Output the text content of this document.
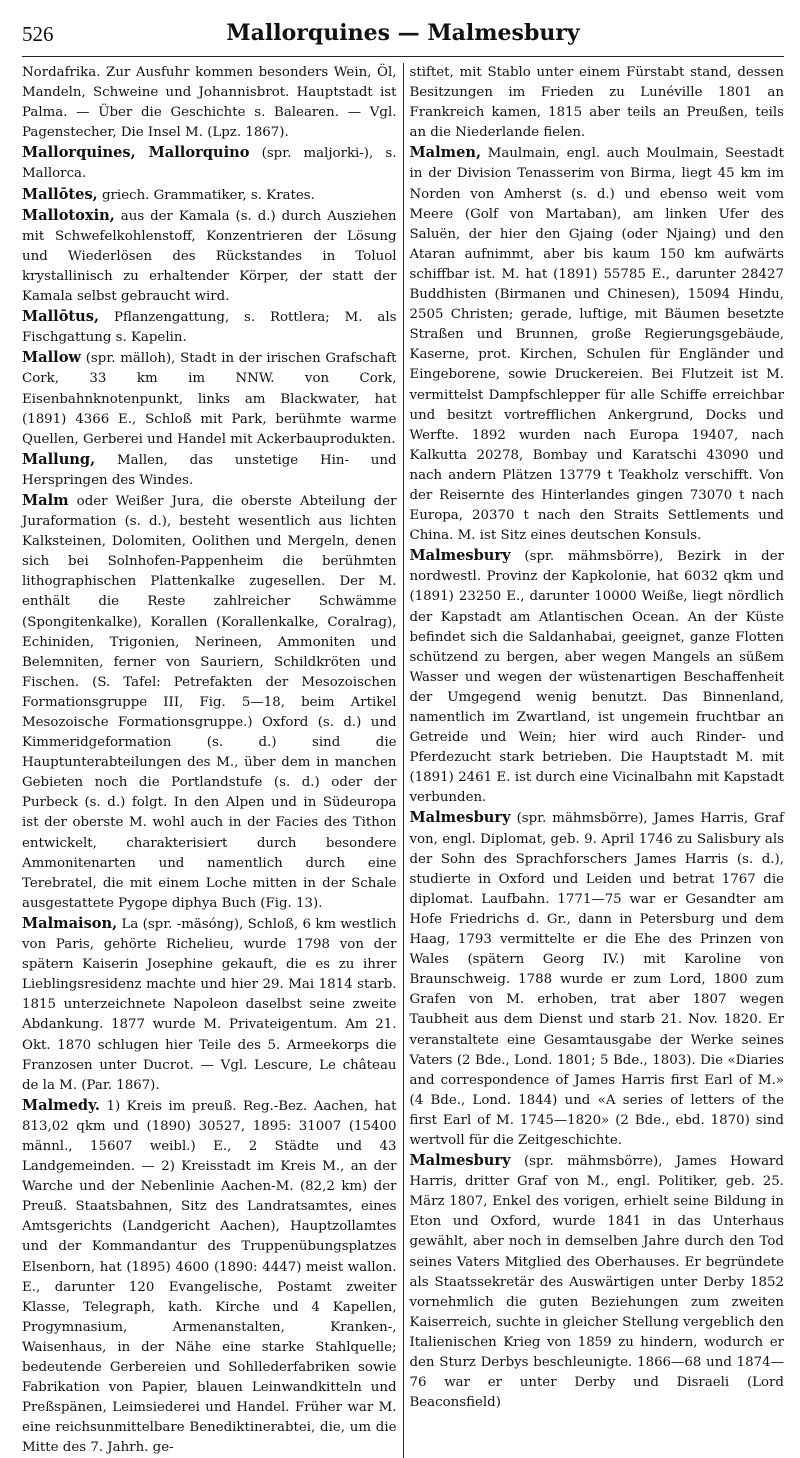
526	Mallorquines — Malmesbury

Nordafrika. Zur Ausfuhr kommen besonders Wein, Öl, Mandeln, Schweine und Johannisbrot. Hauptstadt ist Palma. — Über die Geschichte s. Balearen. — Vgl. Pagenstecher, Die Insel M. (Lpz. 1867).

Mallorquines, Mallorquino (spr. maljorki-), s. Mallorca.

Mallōtes, griech. Grammatiker, s. Krates.

Mallotoxin, aus der Kamala (s. d.) durch Ausziehen mit Schwefelkohlenstoff, Konzentrieren der Lösung und Wiederlösen des Rückstandes in Toluol krystallinisch zu erhaltender Körper, der statt der Kamala selbst gebraucht wird.

Mallōtus, Pflanzengattung, s. Rottlera; M. als Fischgattung s. Kapelin.

Mallow (spr. mälloh), Stadt in der irischen Grafschaft Cork, 33 km im NNW. von Cork, Eisenbahnknotenpunkt, links am Blackwater, hat (1891) 4366 E., Schloß mit Park, berühmte warme Quellen, Gerberei und Handel mit Ackerbauprodukten.

Mallung, Mallen, das unstetige Hin- und Herspringen des Windes.

Malm oder Weißer Jura, die oberste Abteilung der Juraformation (s. d.), besteht wesentlich aus lichten Kalksteinen, Dolomiten, Oolithen und Mergeln, denen sich bei Solnhofen-Pappenheim die berühmten lithographischen Plattenkalke zugesellen. Der M. enthält die Reste zahlreicher Schwämme (Spongitenkalke), Korallen (Korallenkalke, Coralrag), Echiniden, Trigonien, Nerineen, Ammoniten und Belemniten, ferner von Sauriern, Schildkröten und Fischen. (S. Tafel: Petrefakten der Mesozoischen Formationsgruppe III, Fig. 5—18, beim Artikel Mesozoische Formationsgruppe.) Oxford (s. d.) und Kimmeridgeformation (s. d.) sind die Hauptunterabteilungen des M., über dem in manchen Gebieten noch die Portlandstufe (s. d.) oder der Purbeck (s. d.) folgt. In den Alpen und in Südeuropa ist der oberste M. wohl auch in der Facies des Tithon entwickelt, charakterisiert durch besondere Ammonitenarten und namentlich durch eine Terebratel, die mit einem Loche mitten in der Schale ausgestattete Pygope diphya Buch (Fig. 13).

Malmaison, La (spr. -mäsóng), Schloß, 6 km westlich von Paris, gehörte Richelieu, wurde 1798 von der spätern Kaiserin Josephine gekauft, die es zu ihrer Lieblingsresidenz machte und hier 29. Mai 1814 starb. 1815 unterzeichnete Napoleon daselbst seine zweite Abdankung. 1877 wurde M. Privateigentum. Am 21. Okt. 1870 schlugen hier Teile des 5. Armeekorps die Franzosen unter Ducrot. — Vgl. Lescure, Le château de la M. (Par. 1867).

Malmedy. 1) Kreis im preuß. Reg.-Bez. Aachen, hat 813,02 qkm und (1890) 30527, 1895: 31007 (15400 männl., 15607 weibl.) E., 2 Städte und 43 Landgemeinden. — 2) Kreisstadt im Kreis M., an der Warche und der Nebenlinie Aachen-M. (82,2 km) der Preuß. Staatsbahnen, Sitz des Landratsamtes, eines Amtsgerichts (Landgericht Aachen), Hauptzollamtes und der Kommandantur des Truppenübungsplatzes Elsenborn, hat (1895) 4600 (1890: 4447) meist wallon. E., darunter 120 Evangelische, Postamt zweiter Klasse, Telegraph, kath. Kirche und 4 Kapellen, Progymnasium, Armenanstalten, Kranken-, Waisenhaus, in der Nähe eine starke Stahlquelle; bedeutende Gerbereien und Sohllederfabriken sowie Fabrikation von Papier, blauen Leinwandkitteln und Preßspänen, Leimsiederei und Handel. Früher war M. eine reichsunmittelbare Benediktinerabtei, die, um die Mitte des 7. Jahrh. ge-

stiftet, mit Stablo unter einem Fürstabt stand, dessen Besitzungen im Frieden zu Lunéville 1801 an Frankreich kamen, 1815 aber teils an Preußen, teils an die Niederlande fielen.

Malmen, Maulmain, engl. auch Moulmain, Seestadt in der Division Tenasserim von Birma, liegt 45 km im Norden von Amherst (s. d.) und ebenso weit vom Meere (Golf von Martaban), am linken Ufer des Saluën, der hier den Gjaing (oder Njaing) und den Ataran aufnimmt, aber bis kaum 150 km aufwärts schiffbar ist. M. hat (1891) 55785 E., darunter 28427 Buddhisten (Birmanen und Chinesen), 15094 Hindu, 2505 Christen; gerade, luftige, mit Bäumen besetzte Straßen und Brunnen, große Regierungsgebäude, Kaserne, prot. Kirchen, Schulen für Engländer und Eingeborene, sowie Druckereien. Bei Flutzeit ist M. vermittelst Dampfschlepper für alle Schiffe erreichbar und besitzt vortrefflichen Ankergrund, Docks und Werfte. 1892 wurden nach Europa 19407, nach Kalkutta 20278, Bombay und Karatschi 43090 und nach andern Plätzen 13779 t Teakholz verschifft. Von der Reisernte des Hinterlandes gingen 73070 t nach Europa, 20370 t nach den Straits Settlements und China. M. ist Sitz eines deutschen Konsuls.

Malmesbury (spr. mähmsbörre), Bezirk in der nordwestl. Provinz der Kapkolonie, hat 6032 qkm und (1891) 23250 E., darunter 10000 Weiße, liegt nördlich der Kapstadt am Atlantischen Ocean. An der Küste befindet sich die Saldanhabai, geeignet, ganze Flotten schützend zu bergen, aber wegen Mangels an süßem Wasser und wegen der wüstenartigen Beschaffenheit der Umgegend wenig benutzt. Das Binnenland, namentlich im Zwartland, ist ungemein fruchtbar an Getreide und Wein; hier wird auch Rinder- und Pferdezucht stark betrieben. Die Hauptstadt M. mit (1891) 2461 E. ist durch eine Vicinalbahn mit Kapstadt verbunden.

Malmesbury (spr. mähmsbörre), James Harris, Graf von, engl. Diplomat, geb. 9. April 1746 zu Salisbury als der Sohn des Sprachforschers James Harris (s. d.), studierte in Oxford und Leiden und betrat 1767 die diplomat. Laufbahn. 1771—75 war er Gesandter am Hofe Friedrichs d. Gr., dann in Petersburg und dem Haag, 1793 vermittelte er die Ehe des Prinzen von Wales (spätern Georg IV.) mit Karoline von Braunschweig. 1788 wurde er zum Lord, 1800 zum Grafen von M. erhoben, trat aber 1807 wegen Taubheit aus dem Dienst und starb 21. Nov. 1820. Er veranstaltete eine Gesamtausgabe der Werke seines Vaters (2 Bde., Lond. 1801; 5 Bde., 1803). Die «Diaries and correspondence of James Harris first Earl of M.» (4 Bde., Lond. 1844) und «A series of letters of the first Earl of M. 1745—1820» (2 Bde., ebd. 1870) sind wertvoll für die Zeitgeschichte.

Malmesbury (spr. mähmsbörre), James Howard Harris, dritter Graf von M., engl. Politiker, geb. 25. März 1807, Enkel des vorigen, erhielt seine Bildung in Eton und Oxford, wurde 1841 in das Unterhaus gewählt, aber noch in demselben Jahre durch den Tod seines Vaters Mitglied des Oberhauses. Er begründete als Staatssekretär des Auswärtigen unter Derby 1852 vornehmlich die guten Beziehungen zum zweiten Kaiserreich, suchte in gleicher Stellung vergeblich den Italienischen Krieg von 1859 zu hindern, wodurch er den Sturz Derbys beschleunigte. 1866—68 und 1874—76 war er unter Derby und Disraeli (Lord Beaconsfield)
